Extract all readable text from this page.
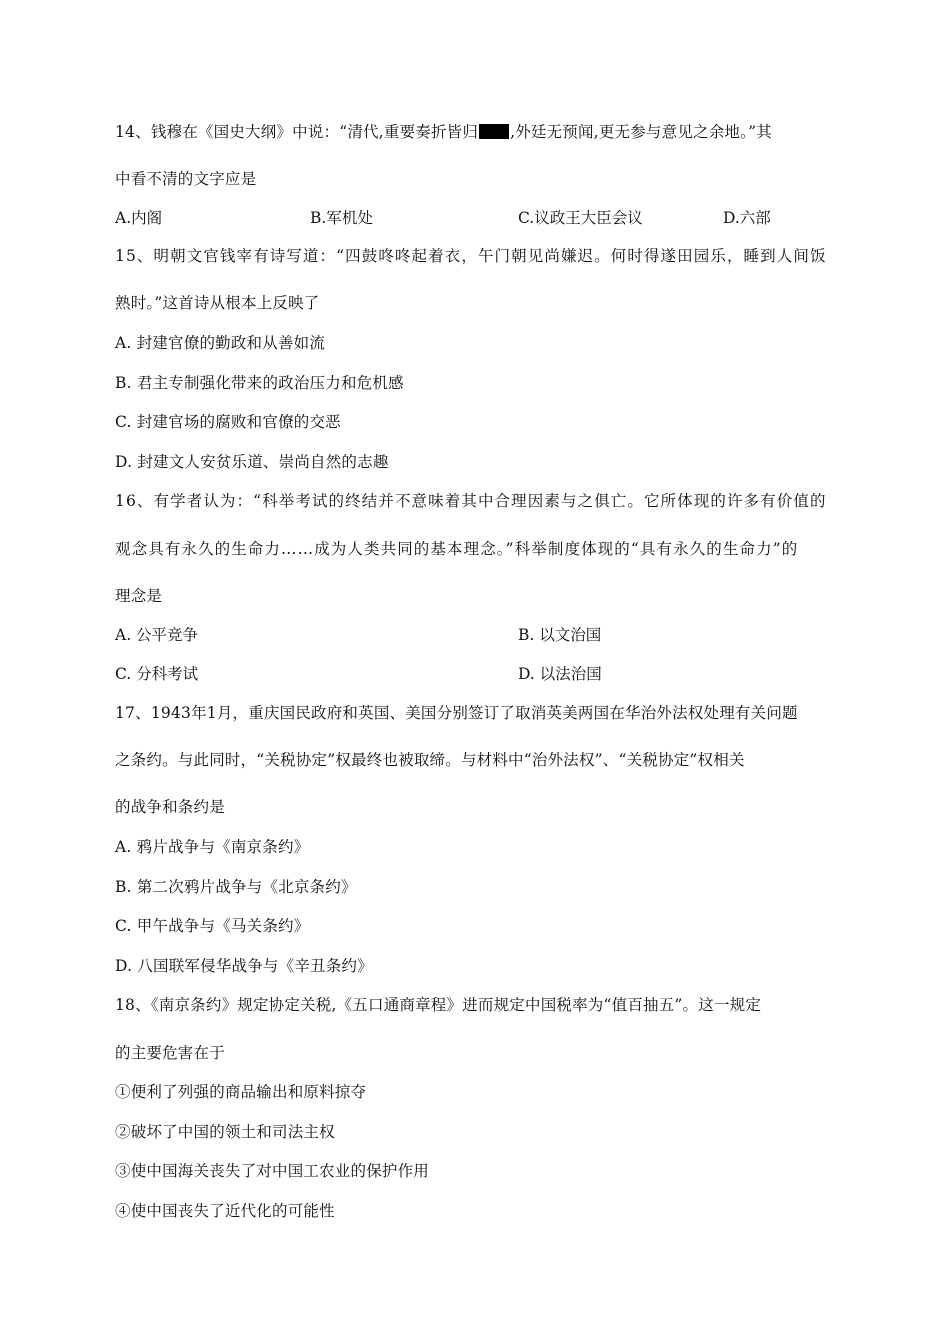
14、钱穆在《国史大纲》中说：“清代,重要奏折皆归 ,外廷无预闻,更无参与意见之余地。”其
中看不清的文字应是
A.内阁	B.军机处	C.议政王大臣会议	D.六部
15、明朝文官钱宰有诗写道：“四鼓咚咚起着衣，午门朝见尚嫌迟。何时得遂田园乐，睡到人间饭
熟时。”这首诗从根本上反映了
A. 封建官僚的勤政和从善如流
B. 君主专制强化带来的政治压力和危机感
C. 封建官场的腐败和官僚的交恶
D. 封建文人安贫乐道、崇尚自然的志趣
16、有学者认为：“科举考试的终结并不意味着其中合理因素与之俱亡。它所体现的许多有价值的
观念具有永久的生命力……成为人类共同的基本理念。”科举制度体现的“具有永久的生命力”的
理念是
A. 公平竞争	B. 以文治国
C. 分科考试	D. 以法治国
17、1943年1月，重庆国民政府和英国、美国分别签订了取消英美两国在华治外法权处理有关问题
之条约。与此同时，“关税协定”权最终也被取缔。与材料中“治外法权”、“关税协定”权相关
的战争和条约是
A. 鸦片战争与《南京条约》
B. 第二次鸦片战争与《北京条约》
C. 甲午战争与《马关条约》
D. 八国联军侵华战争与《辛丑条约》
18、《南京条约》规定协定关税,《五口通商章程》进而规定中国税率为“值百抽五”。这一规定
的主要危害在于
①便利了列强的商品输出和原料掠夺
②破坏了中国的领土和司法主权
③使中国海关丧失了对中国工农业的保护作用
④使中国丧失了近代化的可能性
